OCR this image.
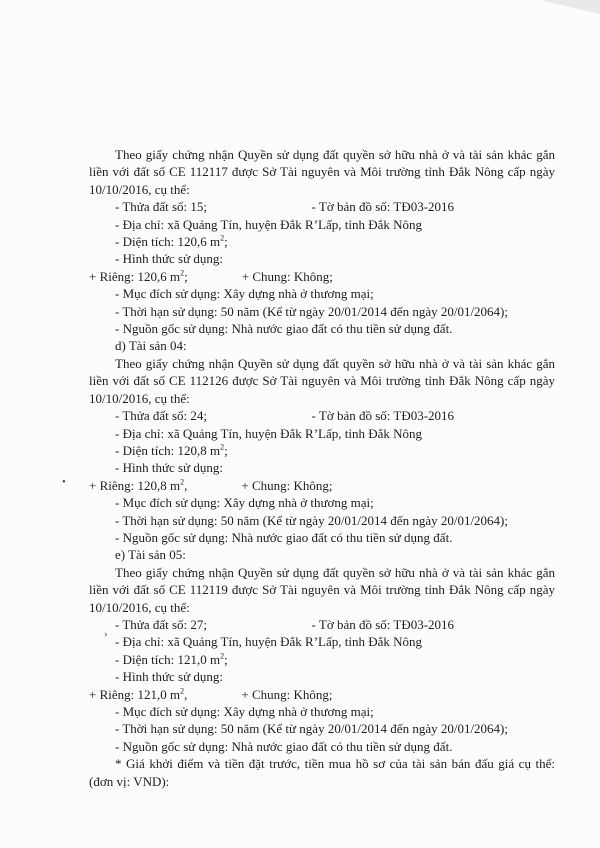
•
›

Theo giấy chứng nhận Quyền sử dụng đất quyền sở hữu nhà ở và tài sản khác gắn liền với đất số CE 112117 được Sở Tài nguyên và Môi trường tỉnh Đắk Nông cấp ngày 10/10/2016, cụ thể:

- Thửa đất số: 15;	- Tờ bản đồ số: TĐ03-2016

- Địa chỉ: xã Quảng Tín, huyện Đắk R’Lấp, tỉnh Đắk Nông

- Diện tích: 120,6 $m^2$;

- Hình thức sử dụng:

+ Riêng: 120,6 $m^2$;	+ Chung: Không;

- Mục đích sử dụng: Xây dựng nhà ở thương mại;

- Thời hạn sử dụng: 50 năm (Kể từ ngày 20/01/2014 đến ngày 20/01/2064);

- Nguồn gốc sử dụng: Nhà nước giao đất có thu tiền sử dụng đất.

d) Tài sản 04:

Theo giấy chứng nhận Quyền sử dụng đất quyền sở hữu nhà ở và tài sản khác gắn liền với đất số CE 112126 được Sở Tài nguyên và Môi trường tỉnh Đắk Nông cấp ngày 10/10/2016, cụ thể:

- Thửa đất số: 24;	- Tờ bản đồ số: TĐ03-2016

- Địa chỉ: xã Quảng Tín, huyện Đắk R’Lấp, tỉnh Đắk Nông

- Diện tích: 120,8 $m^2$;

- Hình thức sử dụng:

+ Riêng: 120,8 $m^2$,	+ Chung: Không;

- Mục đích sử dụng: Xây dựng nhà ở thương mại;

- Thời hạn sử dụng: 50 năm (Kể từ ngày 20/01/2014 đến ngày 20/01/2064);

- Nguồn gốc sử dụng: Nhà nước giao đất có thu tiền sử dụng đất.

e) Tài sản 05:

Theo giấy chứng nhận Quyền sử dụng đất quyền sở hữu nhà ở và tài sản khác gắn liền với đất số CE 112119 được Sở Tài nguyên và Môi trường tỉnh Đắk Nông cấp ngày 10/10/2016, cụ thể:

- Thửa đất số: 27;	- Tờ bản đồ số: TĐ03-2016

- Địa chỉ: xã Quảng Tín, huyện Đắk R’Lấp, tỉnh Đắk Nông

- Diện tích: 121,0 $m^2$;

- Hình thức sử dụng:

+ Riêng: 121,0 $m^2$,	+ Chung: Không;

- Mục đích sử dụng: Xây dựng nhà ở thương mại;

- Thời hạn sử dụng: 50 năm (Kể từ ngày 20/01/2014 đến ngày 20/01/2064);

- Nguồn gốc sử dụng: Nhà nước giao đất có thu tiền sử dụng đất.

* Giá khởi điểm và tiền đặt trước, tiền mua hồ sơ của tài sản bán đấu giá cụ thể: (đơn vị: VND):
